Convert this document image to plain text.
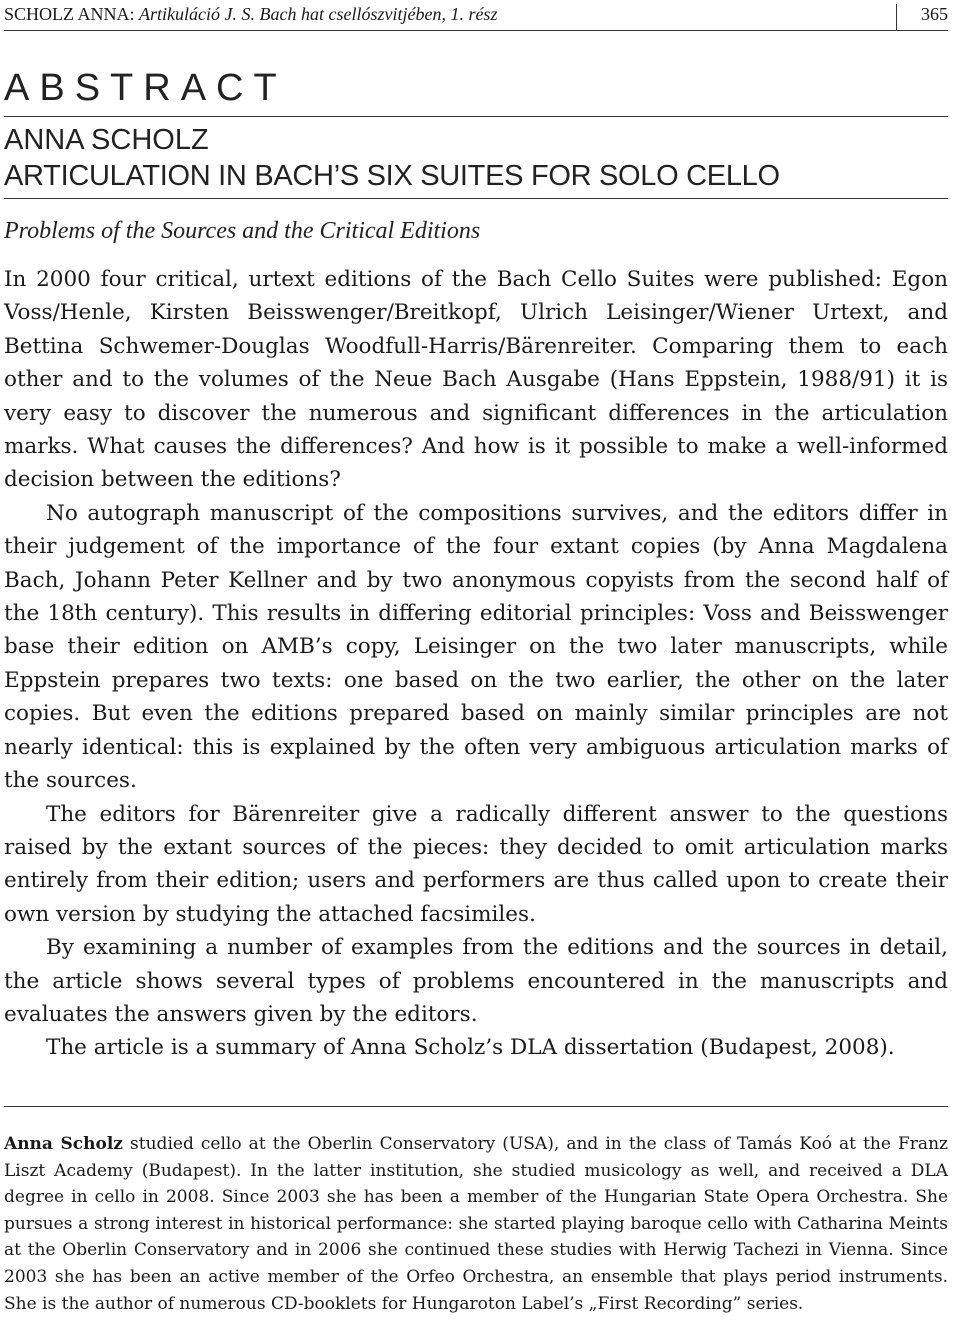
SCHOLZ ANNA: Artikuláció J. S. Bach hat csellószvitjében, 1. rész	365
ABSTRACT
ANNA SCHOLZ
ARTICULATION IN BACH’S SIX SUITES FOR SOLO CELLO
Problems of the Sources and the Critical Editions

In 2000 four critical, urtext editions of the Bach Cello Suites were published: Egon Voss/Henle, Kirsten Beisswenger/Breitkopf, Ulrich Leisinger/Wiener Urtext, and Bettina Schwemer-Douglas Woodfull-Harris/Bärenreiter. Comparing them to each other and to the volumes of the Neue Bach Ausgabe (Hans Eppstein, 1988/91) it is very easy to discover the numerous and significant differences in the articulation marks. What causes the differences? And how is it possible to make a well-informed decision between the editions?

No autograph manuscript of the compositions survives, and the editors differ in their judgement of the importance of the four extant copies (by Anna Magdalena Bach, Johann Peter Kellner and by two anonymous copyists from the second half of the 18th century). This results in differing editorial principles: Voss and Beisswenger base their edition on AMB’s copy, Leisinger on the two later manuscripts, while Eppstein prepares two texts: one based on the two earlier, the other on the later copies. But even the editions prepared based on mainly similar principles are not nearly identical: this is explained by the often very ambiguous articulation marks of the sources.

The editors for Bärenreiter give a radically different answer to the questions raised by the extant sources of the pieces: they decided to omit articulation marks entirely from their edition; users and performers are thus called upon to create their own version by studying the attached facsimiles.

By examining a number of examples from the editions and the sources in detail, the article shows several types of problems encountered in the manuscripts and evaluates the answers given by the editors.

The article is a summary of Anna Scholz’s DLA dissertation (Budapest, 2008).

Anna Scholz studied cello at the Oberlin Conservatory (USA), and in the class of Tamás Koó at the Franz Liszt Academy (Budapest). In the latter institution, she studied musicology as well, and received a DLA degree in cello in 2008. Since 2003 she has been a member of the Hungarian State Opera Orchestra. She pursues a strong interest in historical performance: she started playing baroque cello with Catharina Meints at the Oberlin Conservatory and in 2006 she continued these studies with Herwig Tachezi in Vienna. Since 2003 she has been an active member of the Orfeo Orchestra, an ensemble that plays period instruments. She is the author of numerous CD-booklets for Hungaroton Label’s „First Recording” series.
